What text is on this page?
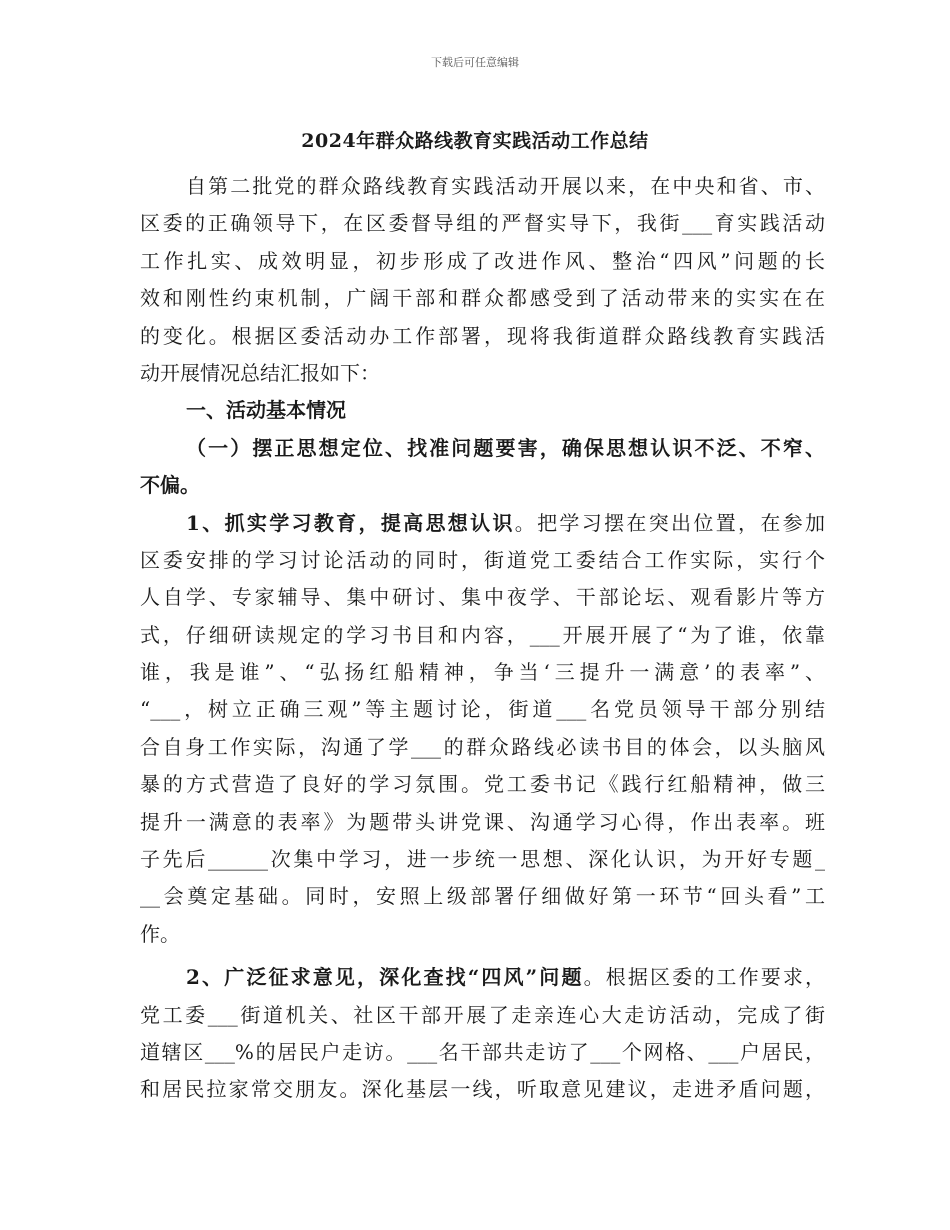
下载后可任意编辑
2024年群众路线教育实践活动工作总结
自第二批党的群众路线教育实践活动开展以来，在中央和省、市、
区委的正确领导下，在区委督导组的严督实导下，我街___育实践活动
工作扎实、成效明显，初步形成了改进作风、整治“四风”问题的长
效和刚性约束机制，广阔干部和群众都感受到了活动带来的实实在在
的变化。根据区委活动办工作部署，现将我街道群众路线教育实践活
动开展情况总结汇报如下：
一、活动基本情况
（一）摆正思想定位、找准问题要害，确保思想认识不泛、不窄、
不偏。
1、抓实学习教育，提高思想认识。把学习摆在突出位置，在参加
区委安排的学习讨论活动的同时，街道党工委结合工作实际，实行个
人自学、专家辅导、集中研讨、集中夜学、干部论坛、观看影片等方
式，仔细研读规定的学习书目和内容，___开展开展了“为了谁，依靠
谁，我是谁”、“弘扬红船精神，争当‘三提升一满意’的表率”、
“___，树立正确三观”等主题讨论，街道___名党员领导干部分别结
合自身工作实际，沟通了学___的群众路线必读书目的体会，以头脑风
暴的方式营造了良好的学习氛围。党工委书记《践行红船精神，做三
提升一满意的表率》为题带头讲党课、沟通学习心得，作出表率。班
子先后______次集中学习，进一步统一思想、深化认识，为开好专题_
__会奠定基础。同时，安照上级部署仔细做好第一环节“回头看”工
作。
2、广泛征求意见，深化查找“四风”问题。根据区委的工作要求，
党工委___街道机关、社区干部开展了走亲连心大走访活动，完成了街
道辖区___%的居民户走访。___名干部共走访了___个网格、___户居民，
和居民拉家常交朋友。深化基层一线，听取意见建议，走进矛盾问题，
